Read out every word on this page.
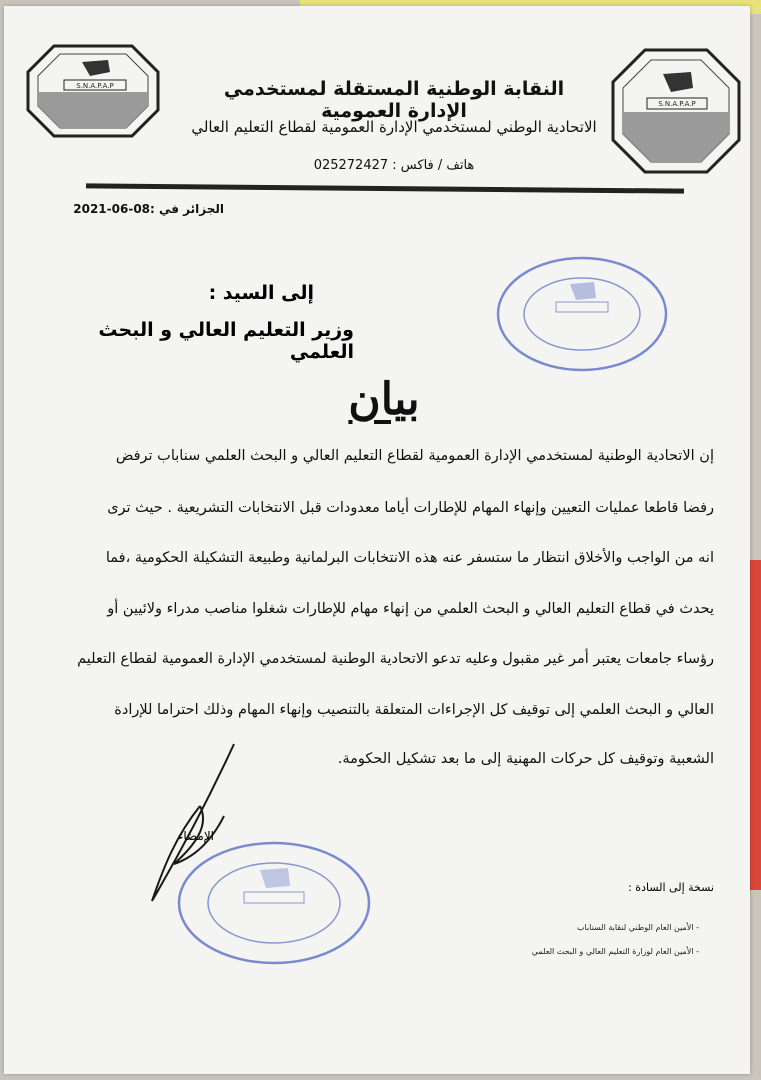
S.N.A.P.A.P
S.N.A.P.A.P
النقابة الوطنية المستقلة لمستخدمي الإدارة العمومية
الاتحادية الوطني لمستخدمي الإدارة العمومية لقطاع التعليم العالي
هاتف / فاكس : 025272427
الجزائر في :08-06-2021
إلى السيد :
وزير التعليم العالي و البحث العلمي
بيان
إن الاتحادية الوطنية لمستخدمي الإدارة العمومية لقطاع التعليم العالي و البحث العلمي سناباب ترفض
رفضا قاطعا عمليات التعيين وإنهاء المهام للإطارات أياما معدودات قبل الانتخابات التشريعية . حيث ترى
انه من الواجب والأخلاق انتظار ما ستسفر عنه هذه الانتخابات البرلمانية وطبيعة التشكيلة الحكومية ،فما
يحدث في قطاع التعليم العالي و البحث العلمي من إنهاء مهام للإطارات شغلوا مناصب مدراء ولائيين أو
رؤساء جامعات يعتبر أمر غير مقبول وعليه تدعو الاتحادية الوطنية لمستخدمي الإدارة العمومية لقطاع التعليم
العالي و البحث العلمي إلى توقيف كل الإجراءات المتعلقة بالتنصيب وإنهاء المهام وذلك احتراما للإرادة
الشعبية وتوقيف كل حركات المهنية إلى ما بعد تشكيل الحكومة.
الإمضاء
نسخة إلى السادة :
- الأمين العام الوطني لنقابة السناباب
- الأمين العام لوزارة التعليم العالي و البحث العلمي
